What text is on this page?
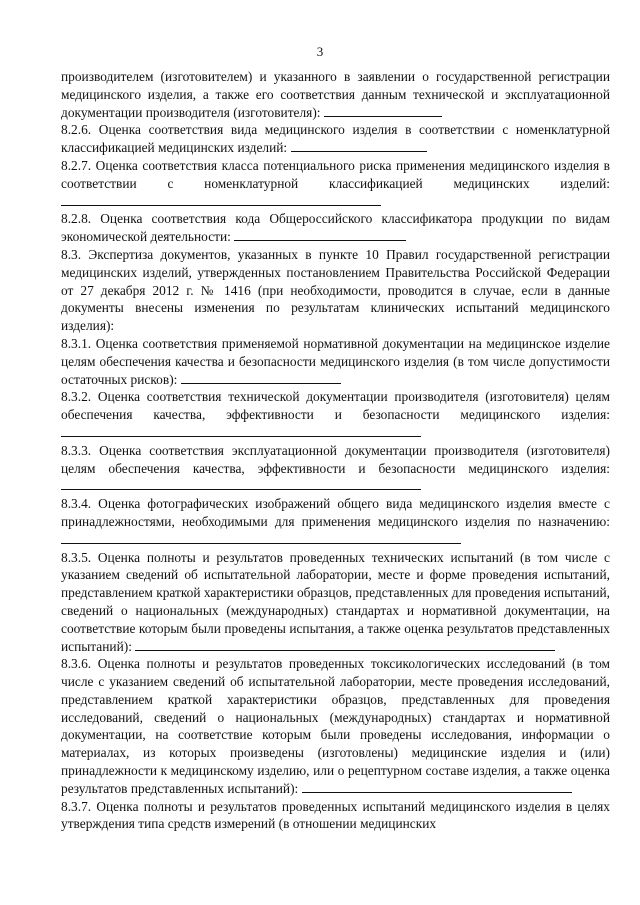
3

производителем (изготовителем) и указанного в заявлении о государственной регистрации медицинского изделия, а также его соответствия данным технической и эксплуатационной документации производителя (изготовителя):

8.2.6. Оценка соответствия вида медицинского изделия в соответствии с номенклатурной классификацией медицинских изделий:

8.2.7. Оценка соответствия класса потенциального риска применения медицинского изделия в соответствии с номенклатурной классификацией медицинских изделий:

8.2.8. Оценка соответствия кода Общероссийского классификатора продукции по видам экономической деятельности:

8.3. Экспертиза документов, указанных в пункте 10 Правил государственной регистрации медицинских изделий, утвержденных постановлением Правительства Российской Федерации от 27 декабря 2012 г. № 1416 (при необходимости, проводится в случае, если в данные документы внесены изменения по результатам клинических испытаний медицинского изделия):

8.3.1. Оценка соответствия применяемой нормативной документации на медицинское изделие целям обеспечения качества и безопасности медицинского изделия (в том числе допустимости остаточных рисков):

8.3.2. Оценка соответствия технической документации производителя (изготовителя) целям обеспечения качества, эффективности и безопасности медицинского изделия:

8.3.3. Оценка соответствия эксплуатационной документации производителя (изготовителя) целям обеспечения качества, эффективности и безопасности медицинского изделия:

8.3.4. Оценка фотографических изображений общего вида медицинского изделия вместе с принадлежностями, необходимыми для применения медицинского изделия по назначению:

8.3.5. Оценка полноты и результатов проведенных технических испытаний (в том числе с указанием сведений об испытательной лаборатории, месте и форме проведения испытаний, представлением краткой характеристики образцов, представленных для проведения испытаний, сведений о национальных (международных) стандартах и нормативной документации, на соответствие которым были проведены испытания, а также оценка результатов представленных испытаний):

8.3.6. Оценка полноты и результатов проведенных токсикологических исследований (в том числе с указанием сведений об испытательной лаборатории, месте проведения исследований, представлением краткой характеристики образцов, представленных для проведения исследований, сведений о национальных (международных) стандартах и нормативной документации, на соответствие которым были проведены исследования, информации о материалах, из которых произведены (изготовлены) медицинские изделия и (или) принадлежности к медицинскому изделию, или о рецептурном составе изделия, а также оценка результатов представленных испытаний):

8.3.7. Оценка полноты и результатов проведенных испытаний медицинского изделия в целях утверждения типа средств измерений (в отношении медицинских
